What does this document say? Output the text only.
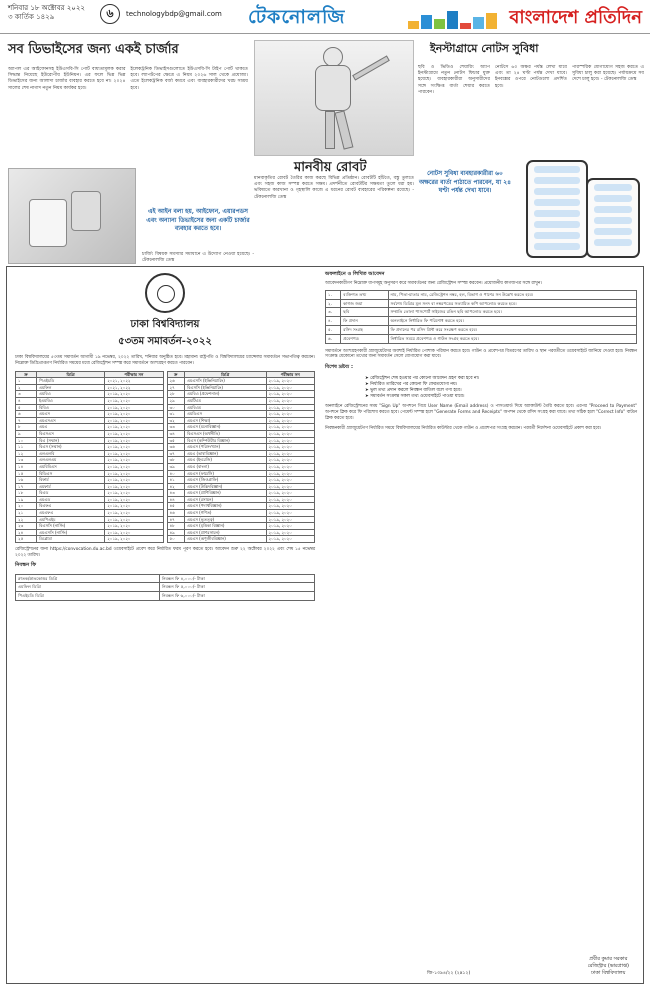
শনিবার ১৮ অক্টোবর ২০২২
৩ কার্তিক ১৪২৯	৬	technologybdp@gmail.com টেকনোলজি	বাংলাদেশ প্রতিদিন
সব ডিভাইসের জন্য একই চার্জার
অ্যাপল এর আইফোনসহ ইউএসবি-সি পোর্ট বাধ্যতামূলক করার সিদ্ধান্ত নিয়েছে ইউরোপীয় ইউনিয়ন। এর ফলে ভিন্ন ভিন্ন ডিভাইসের জন্য আলাদা চার্জার ব্যবহার করতে হবে না। ২০২৪ সালের শেষ নাগাদ নতুন নিয়ম কার্যকর হবে।
ইলেকট্রনিক ডিভাইসগুলোতে ইউএসবি-সি টাইপ পোর্ট থাকতে হবে। ল্যাপটপের ক্ষেত্রে এ নিয়ম ২০২৬ সাল থেকে প্রযোজ্য। এতে ইলেকট্রনিক বর্জ্য কমবে এবং ব্যবহারকারীদের খরচ সাশ্রয় হবে।
এই আইন বলা হয়, আইফোন, এয়ারপডস এবং অন্যান্য ডিভাইসের জন্য একটি চার্জার ব্যবহার করতে হবে।
চার্জিং বিষয়ক সমস্যার সমাধানে এ উদ্যোগ নেওয়া হয়েছে। - টেকনোলজি ডেস্ক
মানবীয় রোবট
মানবাকৃতির রোবট তৈরির কাজ করছে বিভিন্ন প্রতিষ্ঠান। রোবটটি হাঁটতে, বস্তু তুলতে এবং সহজ কাজ সম্পন্ন করতে সক্ষম। প্রদর্শনীতে রোবটটির সক্ষমতা তুলে ধরা হয়। ভবিষ্যতে কারখানা ও গৃহস্থালি কাজে এ ধরনের রোবট ব্যবহারের পরিকল্পনা রয়েছে। - টেকনোলজি ডেস্ক
ইনস্টাগ্রামে নোটস সুবিধা
ছবি ও ভিডিও শেয়ারিং অ্যাপ ইনস্টাগ্রামে নতুন নোটস ফিচার যুক্ত হয়েছে। ব্যবহারকারীরা অনুসারীদের সঙ্গে সংক্ষিপ্ত বার্তা শেয়ার করতে পারবেন।
নোটসে ৬০ অক্ষর পর্যন্ত লেখা যাবে এবং তা ২৪ ঘণ্টা পর্যন্ত দেখা যাবে। ইনবক্সের ওপরে নোটগুলো প্রদর্শিত হবে।
পারস্পরিক যোগাযোগ সহজ করতে এ সুবিধা চালু করা হয়েছে। পর্যায়ক্রমে সব দেশে চালু হবে। - টেকনোলজি ডেস্ক
নোটস সুবিধা ব্যবহারকারীরা ৬০ অক্ষরের বার্তা পাঠাতে পারবেন, যা ২৪ ঘণ্টা পর্যন্ত দেখা যাবে।
ঢাকা বিশ্ববিদ্যালয়
৫৩তম সমাবর্তন-২০২২
ঢাকা বিশ্ববিদ্যালয়ের ৫৩তম সমাবর্তন আগামী ১৯ নভেম্বর, ২০২২ তারিখ, শনিবার অনুষ্ঠিত হবে। মহামান্য রাষ্ট্রপতি ও বিশ্ববিদ্যালয়ের চ্যান্সেলর সমাবর্তনে সভাপতিত্ব করবেন। নিম্নোক্ত ডিগ্রিপ্রাপ্তগণ নির্ধারিত সময়ের মধ্যে রেজিস্ট্রেশন সম্পন্ন করে সমাবর্তনে অংশগ্রহণ করতে পারবেন।
ক্র	ডিগ্রি	পরীক্ষার সন
১	পিএইচডি	২০২১, ২০২২
২	এমফিল	২০২১, ২০২২
৩	এমবিএ	২০১৯, ২০২০
৪	ইএমবিএ	২০১৯, ২০২০
৫	বিবিএ	২০১৯, ২০২০
৬	এমএস	২০১৯, ২০২০
৭	এমএসএস	২০১৯, ২০২০
৮	এমএ	২০১৯, ২০২০
৯	বিএসএস	২০১৯, ২০২০
১০	বিএ (সম্মান)	২০১৯, ২০২০
১১	বিএস (সম্মান)	২০১৯, ২০২০
১২	এলএলবি	২০১৯, ২০২০
১৩	এলএলএম	২০১৯, ২০২০
১৪	এমবিবিএস	২০১৯, ২০২০
১৫	বিডিএস	২০১৯, ২০২০
১৬	বিফার্ম	২০১৯, ২০২০
১৭	এমফার্ম	২০১৯, ২০২০
১৮	বিএড	২০১৯, ২০২০
১৯	এমএড	২০১৯, ২০২০
২০	বিএফএ	২০১৯, ২০২০
২১	এমএফএ	২০১৯, ২০২০
২২	এমপিএইচ	২০১৯, ২০২০
২৩	বিএসসি (নার্সিং)	২০১৯, ২০২০
২৪	এমএসসি (নার্সিং)	২০১৯, ২০২০
২৫	ডিপ্লোমা	২০১৯, ২০২০
ক্র	ডিগ্রি	পরীক্ষার সন
২৬	এমএসসি (ইঞ্জিনিয়ারিং)	২০১৯, ২০২০
২৭	বিএসসি (ইঞ্জিনিয়ারিং)	২০১৯, ২০২০
২৮	এমবিএ (প্রফেশনাল)	২০১৯, ২০২০
২৯	এমটিএম	২০১৯, ২০২০
৩০	এমবিএম	২০১৯, ২০২০
৩১	এমডিএস	২০১৯, ২০২০
৩২	এমএস (শিক্ষা)	২০১৯, ২০২০
৩৩	এমএস (মনোবিজ্ঞান)	২০১৯, ২০২০
৩৪	বিএসএস (অর্থনীতি)	২০১৯, ২০২০
৩৫	বিএস (কম্পিউটার বিজ্ঞান)	২০১৯, ২০২০
৩৬	এমএস (পরিসংখ্যান)	২০১৯, ২০২০
৩৭	এমএ (ভাষাবিজ্ঞান)	২০১৯, ২০২০
৩৮	এমএ (ইংরেজি)	২০১৯, ২০২০
৩৯	এমএ (বাংলা)	২০১৯, ২০২০
৪০	এমএস (ফার্মেসি)	২০১৯, ২০২০
৪১	এমএস (জিওগ্রাফি)	২০১৯, ২০২০
৪২	এমএস (উদ্ভিদবিজ্ঞান)	২০১৯, ২০২০
৪৩	এমএস (প্রাণিবিজ্ঞান)	২০১৯, ২০২০
৪৪	এমএস (রসায়ন)	২০১৯, ২০২০
৪৫	এমএস (পদার্থবিজ্ঞান)	২০১৯, ২০২০
৪৬	এমএস (গণিত)	২০১৯, ২০২০
৪৭	এমএস (ভূতত্ত্ব)	২০১৯, ২০২০
৪৮	এমএস (মৃত্তিকা বিজ্ঞান)	২০১৯, ২০২০
৪৯	এমএস (প্রাণরসায়ন)	২০১৯, ২০২০
৫০	এমএস (অণুজীববিজ্ঞান)	২০১৯, ২০২০
রেজিস্ট্রেশনের জন্য https://convocation.du.ac.bd ওয়েবসাইটে প্রবেশ করে নির্ধারিত ফরম পূরণ করতে হবে। আবেদন শুরু ২২ অক্টোবর ২০২২ এবং শেষ ১৫ নভেম্বর ২০২২ তারিখ।
নিবন্ধন ফি
স্নাতক/স্নাতকোত্তর ডিগ্রি	নিবন্ধন ফি ৪,০০০/- টাকা
এমফিল ডিগ্রি	নিবন্ধন ফি ৫,০০০/- টাকা
পিএইচডি ডিগ্রি	নিবন্ধন ফি ৬,০০০/- টাকা
অফলাইনে ও লিখিত আবেদন
আবেদনকারীগণ নিম্নোক্ত ধাপসমূহ অনুসরণ করে সমাবর্তনের জন্য রেজিস্ট্রেশন সম্পন্ন করবেন। প্রয়োজনীয় কাগজপত্র সঙ্গে রাখুন।
১.	ব্যক্তিগত তথ্য	নাম, পিতা-মাতার নাম, রেজিস্ট্রেশন নম্বর, হল, বিভাগ ও পাশের সন উল্লেখ করতে হবে।
২.	কাগজ জমা	সর্বশেষ ডিগ্রির মূল সনদ বা নম্বরপত্রের সত্যায়িত কপি আপলোড করতে হবে।
৩.	ছবি	সম্প্রতি তোলা পাসপোর্ট সাইজের রঙিন ছবি আপলোড করতে হবে।
৪.	ফি প্রদান	অনলাইনে নির্ধারিত ফি পরিশোধ করতে হবে।
৫.	রসিদ সংগ্রহ	ফি প্রদানের পর রসিদ প্রিন্ট করে সংরক্ষণ করতে হবে।
৬.	প্রবেশপত্র	নির্ধারিত সময়ে প্রবেশপত্র ও গাউন সংগ্রহ করতে হবে।
সমাবর্তনে অংশগ্রহণকারী গ্র্যাজুয়েটদের অবশ্যই নির্ধারিত পোশাক পরিধান করতে হবে। গাউন ও প্রবেশপত্র বিতরণের তারিখ ও স্থান পরবর্তীতে ওয়েবসাইটে জানিয়ে দেওয়া হবে। নিবন্ধন সংক্রান্ত যেকোনো তথ্যের জন্য সমাবর্তন সেলে যোগাযোগ করা যাবে।
বিশেষ দ্রষ্টব্য :
➤ রেজিস্ট্রেশন শেষ হওয়ার পর কোনো আবেদন গ্রহণ করা হবে না।
➤ নির্ধারিত তারিখের পর কোনো ফি ফেরতযোগ্য নয়।
➤ ভুল তথ্য প্রদান করলে নিবন্ধন বাতিল বলে গণ্য হবে।
➤ সমাবর্তন সংক্রান্ত সকল তথ্য ওয়েবসাইটে পাওয়া যাবে।
অনলাইনে রেজিস্ট্রেশনের সময় "Sign Up" অপশনে গিয়ে User Name (Email address) ও পাসওয়ার্ড দিয়ে অ্যাকাউন্ট তৈরি করতে হবে। এরপর "Proceed to Payment" অপশনে ক্লিক করে ফি পরিশোধ করতে হবে। পেমেন্ট সম্পন্ন হলে "Generate Forms and Receipts" অপশন থেকে রসিদ সংগ্রহ করা যাবে। তথ্য সঠিক হলে "Correct Info" বাটনে ক্লিক করতে হবে।
নিবন্ধনকারী গ্র্যাজুয়েটগণ নির্ধারিত সময়ে বিশ্ববিদ্যালয়ের নির্ধারিত কাউন্টার থেকে গাউন ও প্রবেশপত্র সংগ্রহ করবেন। পরবর্তী নির্দেশনা ওয়েবসাইটে প্রকাশ করা হবে।
জি-১৩৯৪/২২ (২x১২)
প্রবীর কুমার সরকার
রেজিস্ট্রার (ভারপ্রাপ্ত)
ঢাকা বিশ্ববিদ্যালয়
